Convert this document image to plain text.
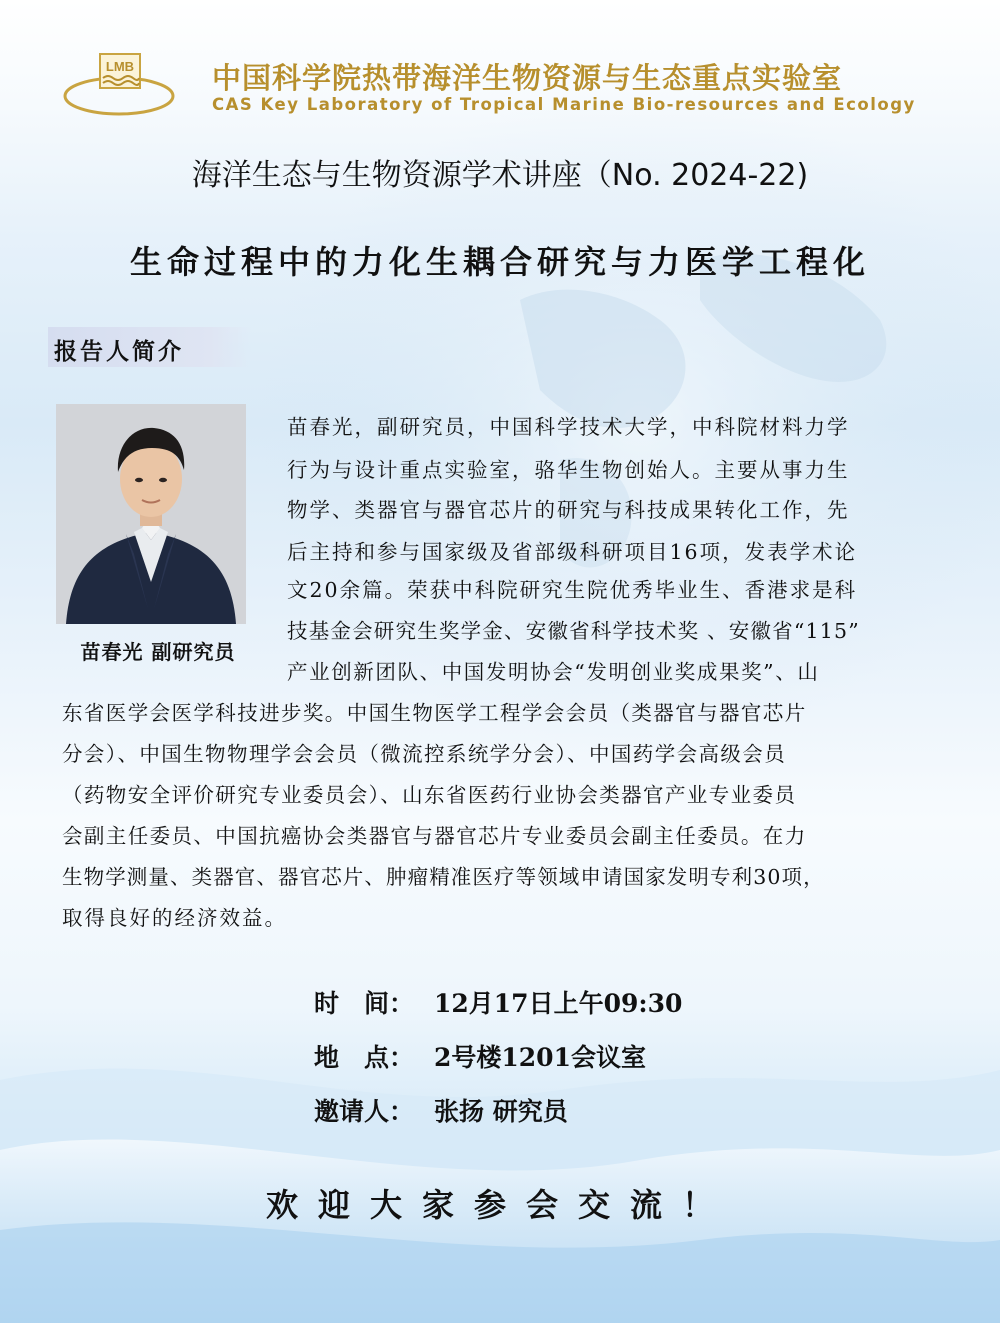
LMB	中国科学院热带海洋生物资源与生态重点实验室
CAS Key Laboratory of Tropical Marine Bio-resources and Ecology
海洋生态与生物资源学术讲座（No. 2024-22)
生命过程中的力化生耦合研究与力医学工程化
报告人简介
苗春光 副研究员
苗春光，副研究员，中国科学技术大学，中科院材料力学
行为与设计重点实验室，骆华生物创始人。主要从事力生
物学、类器官与器官芯片的研究与科技成果转化工作，先
后主持和参与国家级及省部级科研项目16项，发表学术论
文20余篇。荣获中科院研究生院优秀毕业生、香港求是科
技基金会研究生奖学金、安徽省科学技术奖 、安徽省“115”
产业创新团队、中国发明协会“发明创业奖成果奖”、山
东省医学会医学科技进步奖。中国生物医学工程学会会员（类器官与器官芯片
分会）、中国生物物理学会会员（微流控系统学分会）、中国药学会高级会员
（药物安全评价研究专业委员会）、山东省医药行业协会类器官产业专业委员
会副主任委员、中国抗癌协会类器官与器官芯片专业委员会副主任委员。在力
生物学测量、类器官、器官芯片、肿瘤精准医疗等领域申请国家发明专利30项，
取得良好的经济效益。
时　间： 12月17日上午09:30
地　点： 2号楼1201会议室
邀请人： 张扬 研究员
欢迎大家参会交流！
